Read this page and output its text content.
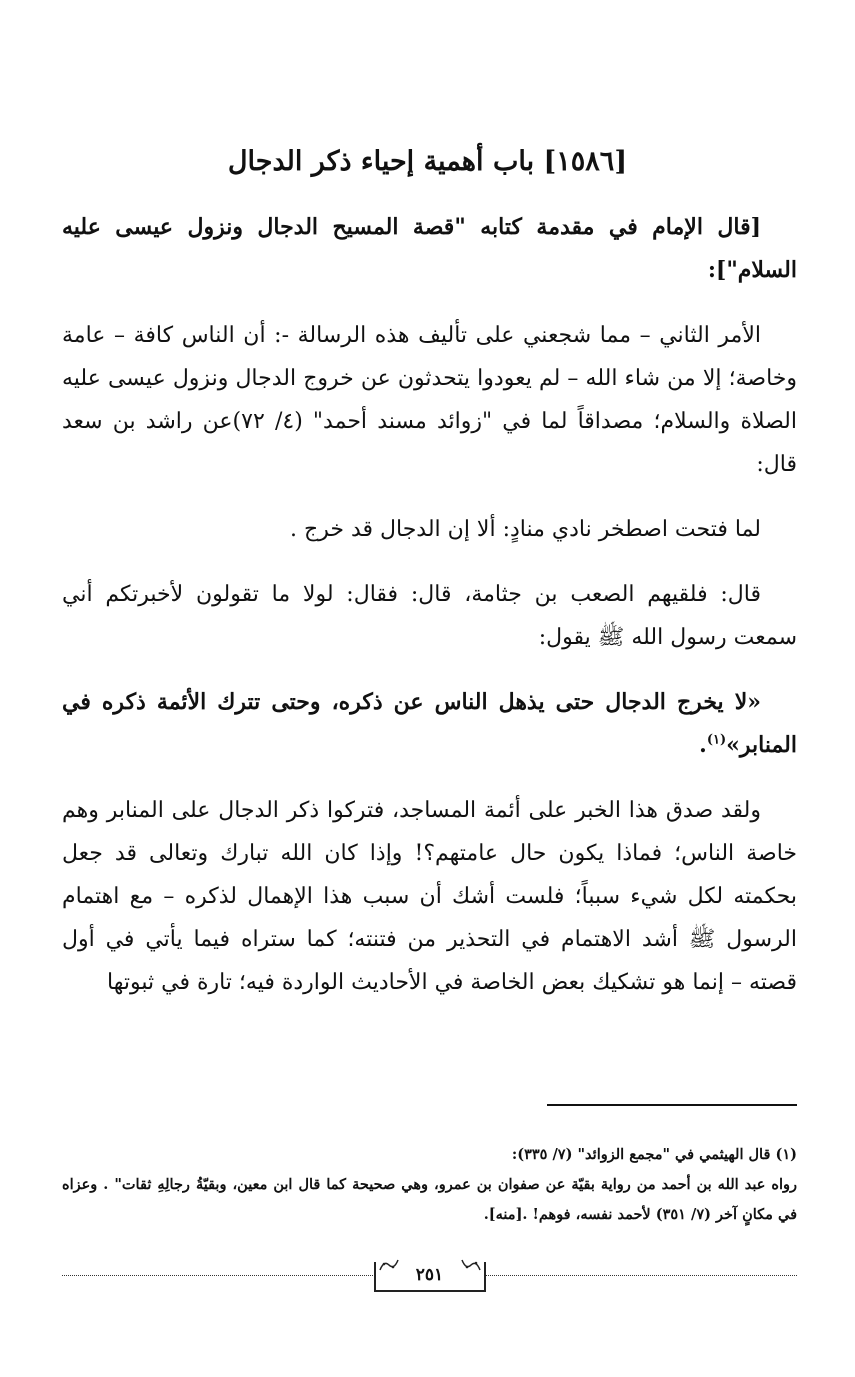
[١٥٨٦] باب أهمية إحياء ذكر الدجال

[قال الإمام في مقدمة كتابه "قصة المسيح الدجال ونزول عيسى عليه السلام"]:

الأمر الثاني – مما شجعني على تأليف هذه الرسالة -: أن الناس كافة – عامة وخاصة؛ إلا من شاء الله – لم يعودوا يتحدثون عن خروج الدجال ونزول عيسى عليه الصلاة والسلام؛ مصداقاً لما في "زوائد مسند أحمد" (٤/ ٧٢)عن راشد بن سعد قال:

لما فتحت اصطخر نادي منادٍ: ألا إن الدجال قد خرج .

قال: فلقيهم الصعب بن جثامة، قال: فقال: لولا ما تقولون لأخبرتكم أني سمعت رسول الله ﷺ يقول:

«لا يخرج الدجال حتى يذهل الناس عن ذكره، وحتى تترك الأئمة ذكره في المنابر»$^{(١)}$.

ولقد صدق هذا الخبر على أئمة المساجد، فتركوا ذكر الدجال على المنابر وهم خاصة الناس؛ فماذا يكون حال عامتهم؟! وإذا كان الله تبارك وتعالى قد جعل بحكمته لكل شيء سبباً؛ فلست أشك أن سبب هذا الإهمال لذكره – مع اهتمام الرسول ﷺ أشد الاهتمام في التحذير من فتنته؛ كما ستراه فيما يأتي في أول قصته – إنما هو تشكيك بعض الخاصة في الأحاديث الواردة فيه؛ تارة في ثبوتها

(١) قال الهيثمي في "مجمع الزوائد" (٧/ ٣٣٥):

رواه عبد الله بن أحمد من رواية بقيّة عن صفوان بن عمرو، وهي صحيحة كما قال ابن معين، وبقيّةُ رجالِهِ ثقات" . وعزاه في مكانٍ آخر (٧/ ٣٥١) لأحمد نفسه، فوهم! .[منه].

٢٥١
